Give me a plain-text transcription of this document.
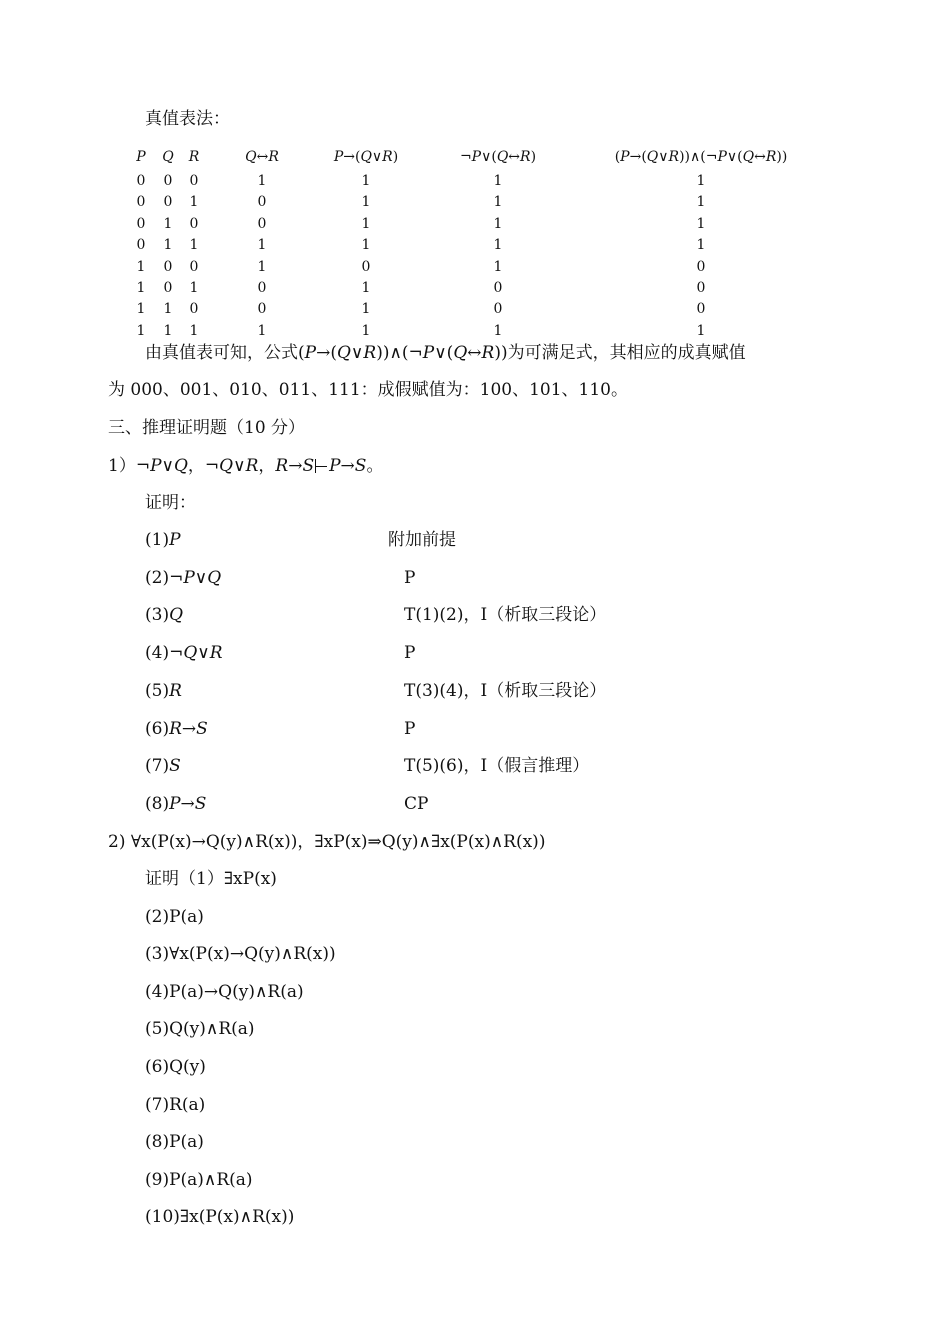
真值表法：
P Q R	Q↔R	P→(Q∨R)	¬P∨(Q↔R)	(P→(Q∨R))∧(¬P∨(Q↔R))
0 0 0	1	1	1	1
0 0 1	0	1	1	1
0 1 0	0	1	1	1
0 1 1	1	1	1	1
1 0 0	1	0	1	0
1 0 1	0	1	0	0
1 1 0	0	1	0	0
1 1 1	1	1	1	1
由真值表可知，公式(P→(Q∨R))∧(¬P∨(Q↔R))为可满足式，其相应的成真赋值
为 000、001、010、011、111：成假赋值为：100、101、110。
三、推理证明题（10 分）
1）¬P∨Q，¬Q∨R，R→S P→S。
证明：
(1)P	附加前提
(2)¬P∨Q	P
(3)Q	T(1)(2)，I（析取三段论）
(4)¬Q∨R	P
(5)R	T(3)(4)，I（析取三段论）
(6)R→S	P
(7)S	T(5)(6)，I（假言推理）
(8)P→S	CP
2) ∀x(P(x)→Q(y)∧R(x))，∃xP(x)⇒Q(y)∧∃x(P(x)∧R(x))
证明（1）∃xP(x)
(2)P(a)
(3)∀x(P(x)→Q(y)∧R(x))
(4)P(a)→Q(y)∧R(a)
(5)Q(y)∧R(a)
(6)Q(y)
(7)R(a)
(8)P(a)
(9)P(a)∧R(a)
(10)∃x(P(x)∧R(x))
